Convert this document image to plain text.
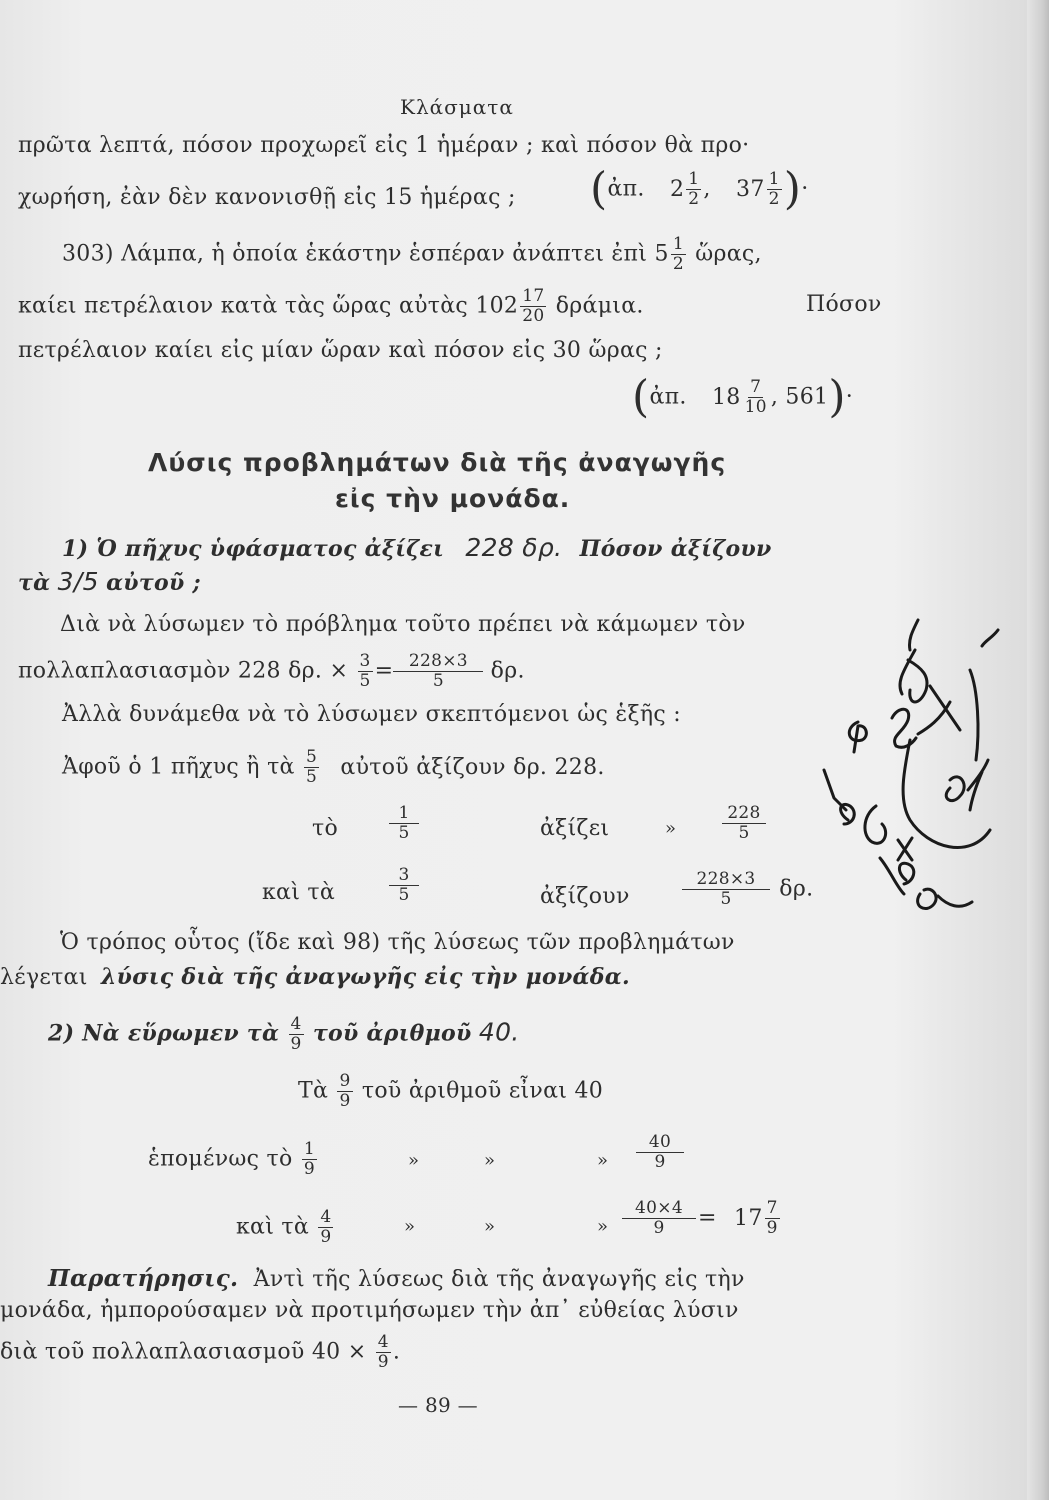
Κλάσματα
πρῶτα λεπτά, πόσον προχωρεῖ εἰς 1 ἡμέραν ; καὶ πόσον θὰ προ·
χωρήση, ἐὰν δὲν κανονισθῇ εἰς 15 ἡμέρας ; (ἀπ. $2 \frac{1}{2}$ , $37 \frac{1}{2}$ )·
303) Λάμπα, ἡ ὁποία ἑκάστην ἑσπέραν ἀνάπτει ἐπὶ $5 \frac{1}{2}$ ὥρας,
καίει πετρέλαιον κατὰ τὰς ὥρας αὐτὰς $102 \frac{17}{20} \delta\rho ά\mu\iota\alpha$.	Πόσον
πετρέλαιον καίει εἰς μίαν ὥραν καὶ πόσον εἰς 30 ὥρας ;
(ἀπ. $18 \frac{7}{10}$ , 561)·
Λύσις προβλημάτων διὰ τῆς ἀναγωγῆς
εἰς τὴν μονάδα.
1) Ὁ πῆχυς ὑφάσματος ἀξίζει 228 δρ. Πόσον ἀξίζουν
τὰ 3/5 αὐτοῦ ;
Διὰ νὰ λύσωμεν τὸ πρόβλημα τοῦτο πρέπει νὰ κάμωμεν τὸν
πολλαπλασιασμὸν 228 δρ. × $\frac{3}{5} = \frac{228\times 3}{5} \delta\rho$.
Ἀλλὰ δυνάμεθα νὰ τὸ λύσωμεν σκεπτόμενοι ὡς ἑξῆς :
Ἀφοῦ ὁ 1 πῆχυς ἢ τὰ $\frac{5}{5}$ αὐτοῦ ἀξίζουν δρ. 228.
τὸ	$\frac{1}{5}$	ἀξίζει	»	$\frac{228}{5}$
καὶ τὰ	$\frac{3}{5}$	ἀξίζουν	$\frac{228\times 3}{5} \delta\rho$.
Ὁ τρόπος οὗτος (ἴδε καὶ 98) τῆς λύσεως τῶν προβλημάτων
λέγεται λύσις διὰ τῆς ἀναγωγῆς εἰς τὴν μονάδα.
2) Νὰ εὕρωμεν τὰ $\frac{4}{9}$ τοῦ ἀριθμοῦ 40.
Τὰ $\frac{9}{9}$ τοῦ ἀριθμοῦ εἶναι 40
ἑπομένως τὸ $\frac{1}{9}$	»	»	» $\frac{40}{9}$
καὶ τὰ $\frac{4}{9}$	»	»	» $\frac{40\times 4}{9} = 17 \frac{7}{9}$
Παρατήρησις. Ἀντὶ τῆς λύσεως διὰ τῆς ἀναγωγῆς εἰς τὴν
μονάδα, ἠμπορούσαμεν νὰ προτιμήσωμεν τὴν ἀπ᾽ εὐθείας λύσιν
διὰ τοῦ πολλαπλασιασμοῦ $40 \times \frac{4}{9}$ .
— 89 —
